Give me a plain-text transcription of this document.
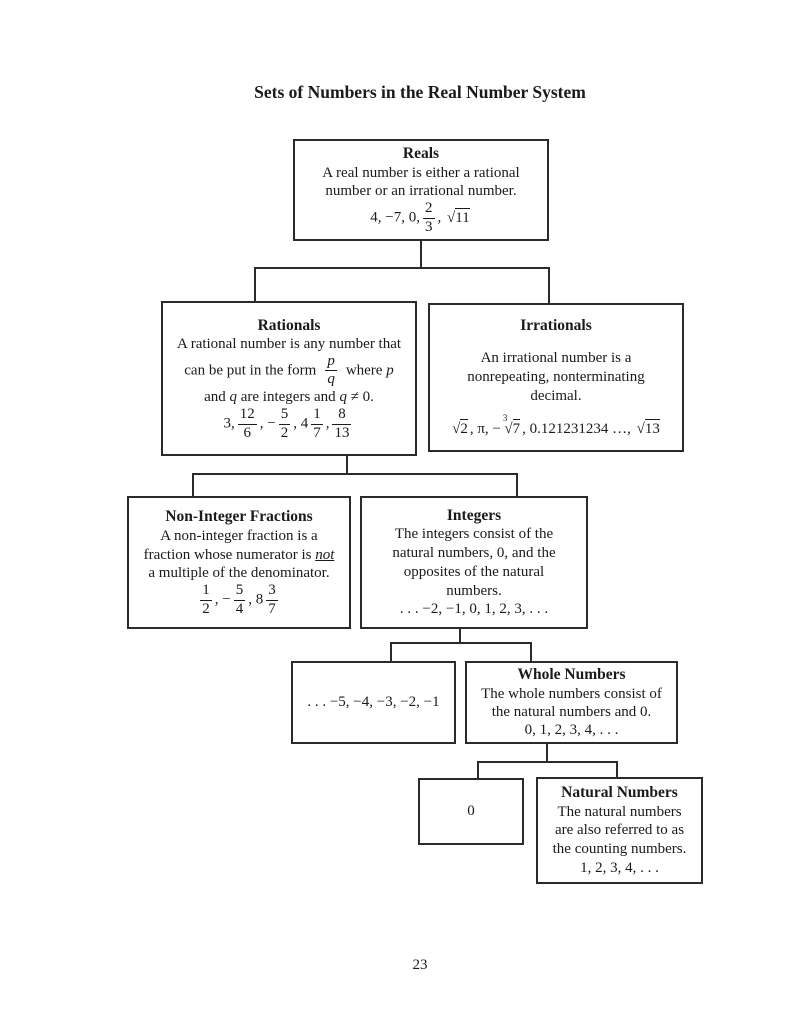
Sets of Numbers in the Real Number System
Reals
A real number is either a rational
number or an irrational number.
4, −7, 0, $\frac{2}{3}$ , √11
Rationals
A rational number is any number that
can be put in the form $\frac{p}{q}$ where p
and q are integers and q ≠ 0.
3, $\frac{12}{6}$ , − $\frac{5}{2}$ , $4 \frac{1}{7}$ , $\frac{8}{13}$
Irrationals
An irrational number is a
nonrepeating, nonterminating
decimal.
√2 , π, −$^3$√7 , 0.121231234 …, √13
Non-Integer Fractions
A non-integer fraction is a
fraction whose numerator is not
a multiple of the denominator.
$\frac{1}{2}$ , − $\frac{5}{4}$ , $8 \frac{3}{7}$
Integers
The integers consist of the
natural numbers, 0, and the
opposites of the natural
numbers.
. . . −2, −1, 0, 1, 2, 3, . . .
. . . −5, −4, −3, −2, −1
Whole Numbers
The whole numbers consist of
the natural numbers and 0.
0, 1, 2, 3, 4, . . .
0
Natural Numbers
The natural numbers
are also referred to as
the counting numbers.
1, 2, 3, 4, . . .
23
